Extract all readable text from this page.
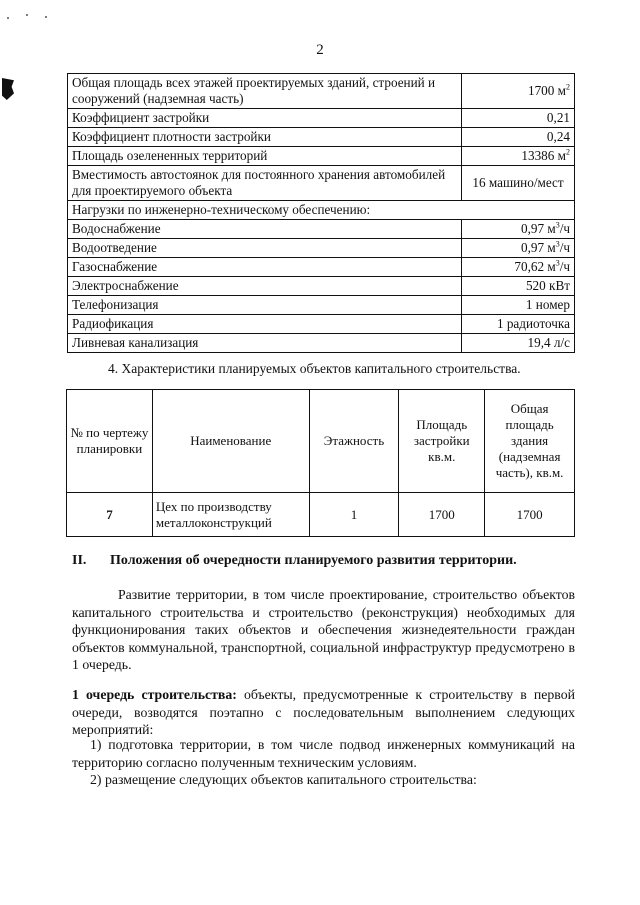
2
Общая площадь всех этажей проектируемых зданий, строений и сооружений (надземная часть)	1700 $м^2$
Коэффициент застройки	0,21
Коэффициент плотности застройки	0,24
Площадь озелененных территорий	13386 $м^2$
Вместимость автостоянок для постоянного хранения автомобилей для проектируемого объекта	16 машино/мест
Нагрузки по инженерно-техническому обеспечению:	
Водоснабжение	0,97 $м^3/ч$
Водоотведение	0,97 $м^3/ч$
Газоснабжение	70,62 $м^3/ч$
Электроснабжение	520 кВт
Телефонизация	1 номер
Радиофикация	1 радиоточка
Ливневая канализация	19,4 л/с
4. Характеристики планируемых объектов капитального строительства.
№ по чертежу планировки	Наименование	Этажность	Площадь застройки кв.м.	Общая площадь здания (надземная часть), кв.м.
7	Цех по производству металлоконструкций	1	1700	1700
II. Положения об очередности планируемого развития территории.
Развитие территории, в том числе проектирование, строительство объектов капитального строительства и строительство (реконструкция) необходимых для функционирования таких объектов и обеспечения жизнедеятельности граждан объектов коммунальной, транспортной, социальной инфраструктур предусмотрено в 1 очередь.
1 очередь строительства: объекты, предусмотренные к строительству в первой очереди, возводятся поэтапно с последовательным выполнением следующих мероприятий:
1) подготовка территории, в том числе подвод инженерных коммуникаций на территорию согласно полученным техническим условиям.
2) размещение следующих объектов капитального строительства:
